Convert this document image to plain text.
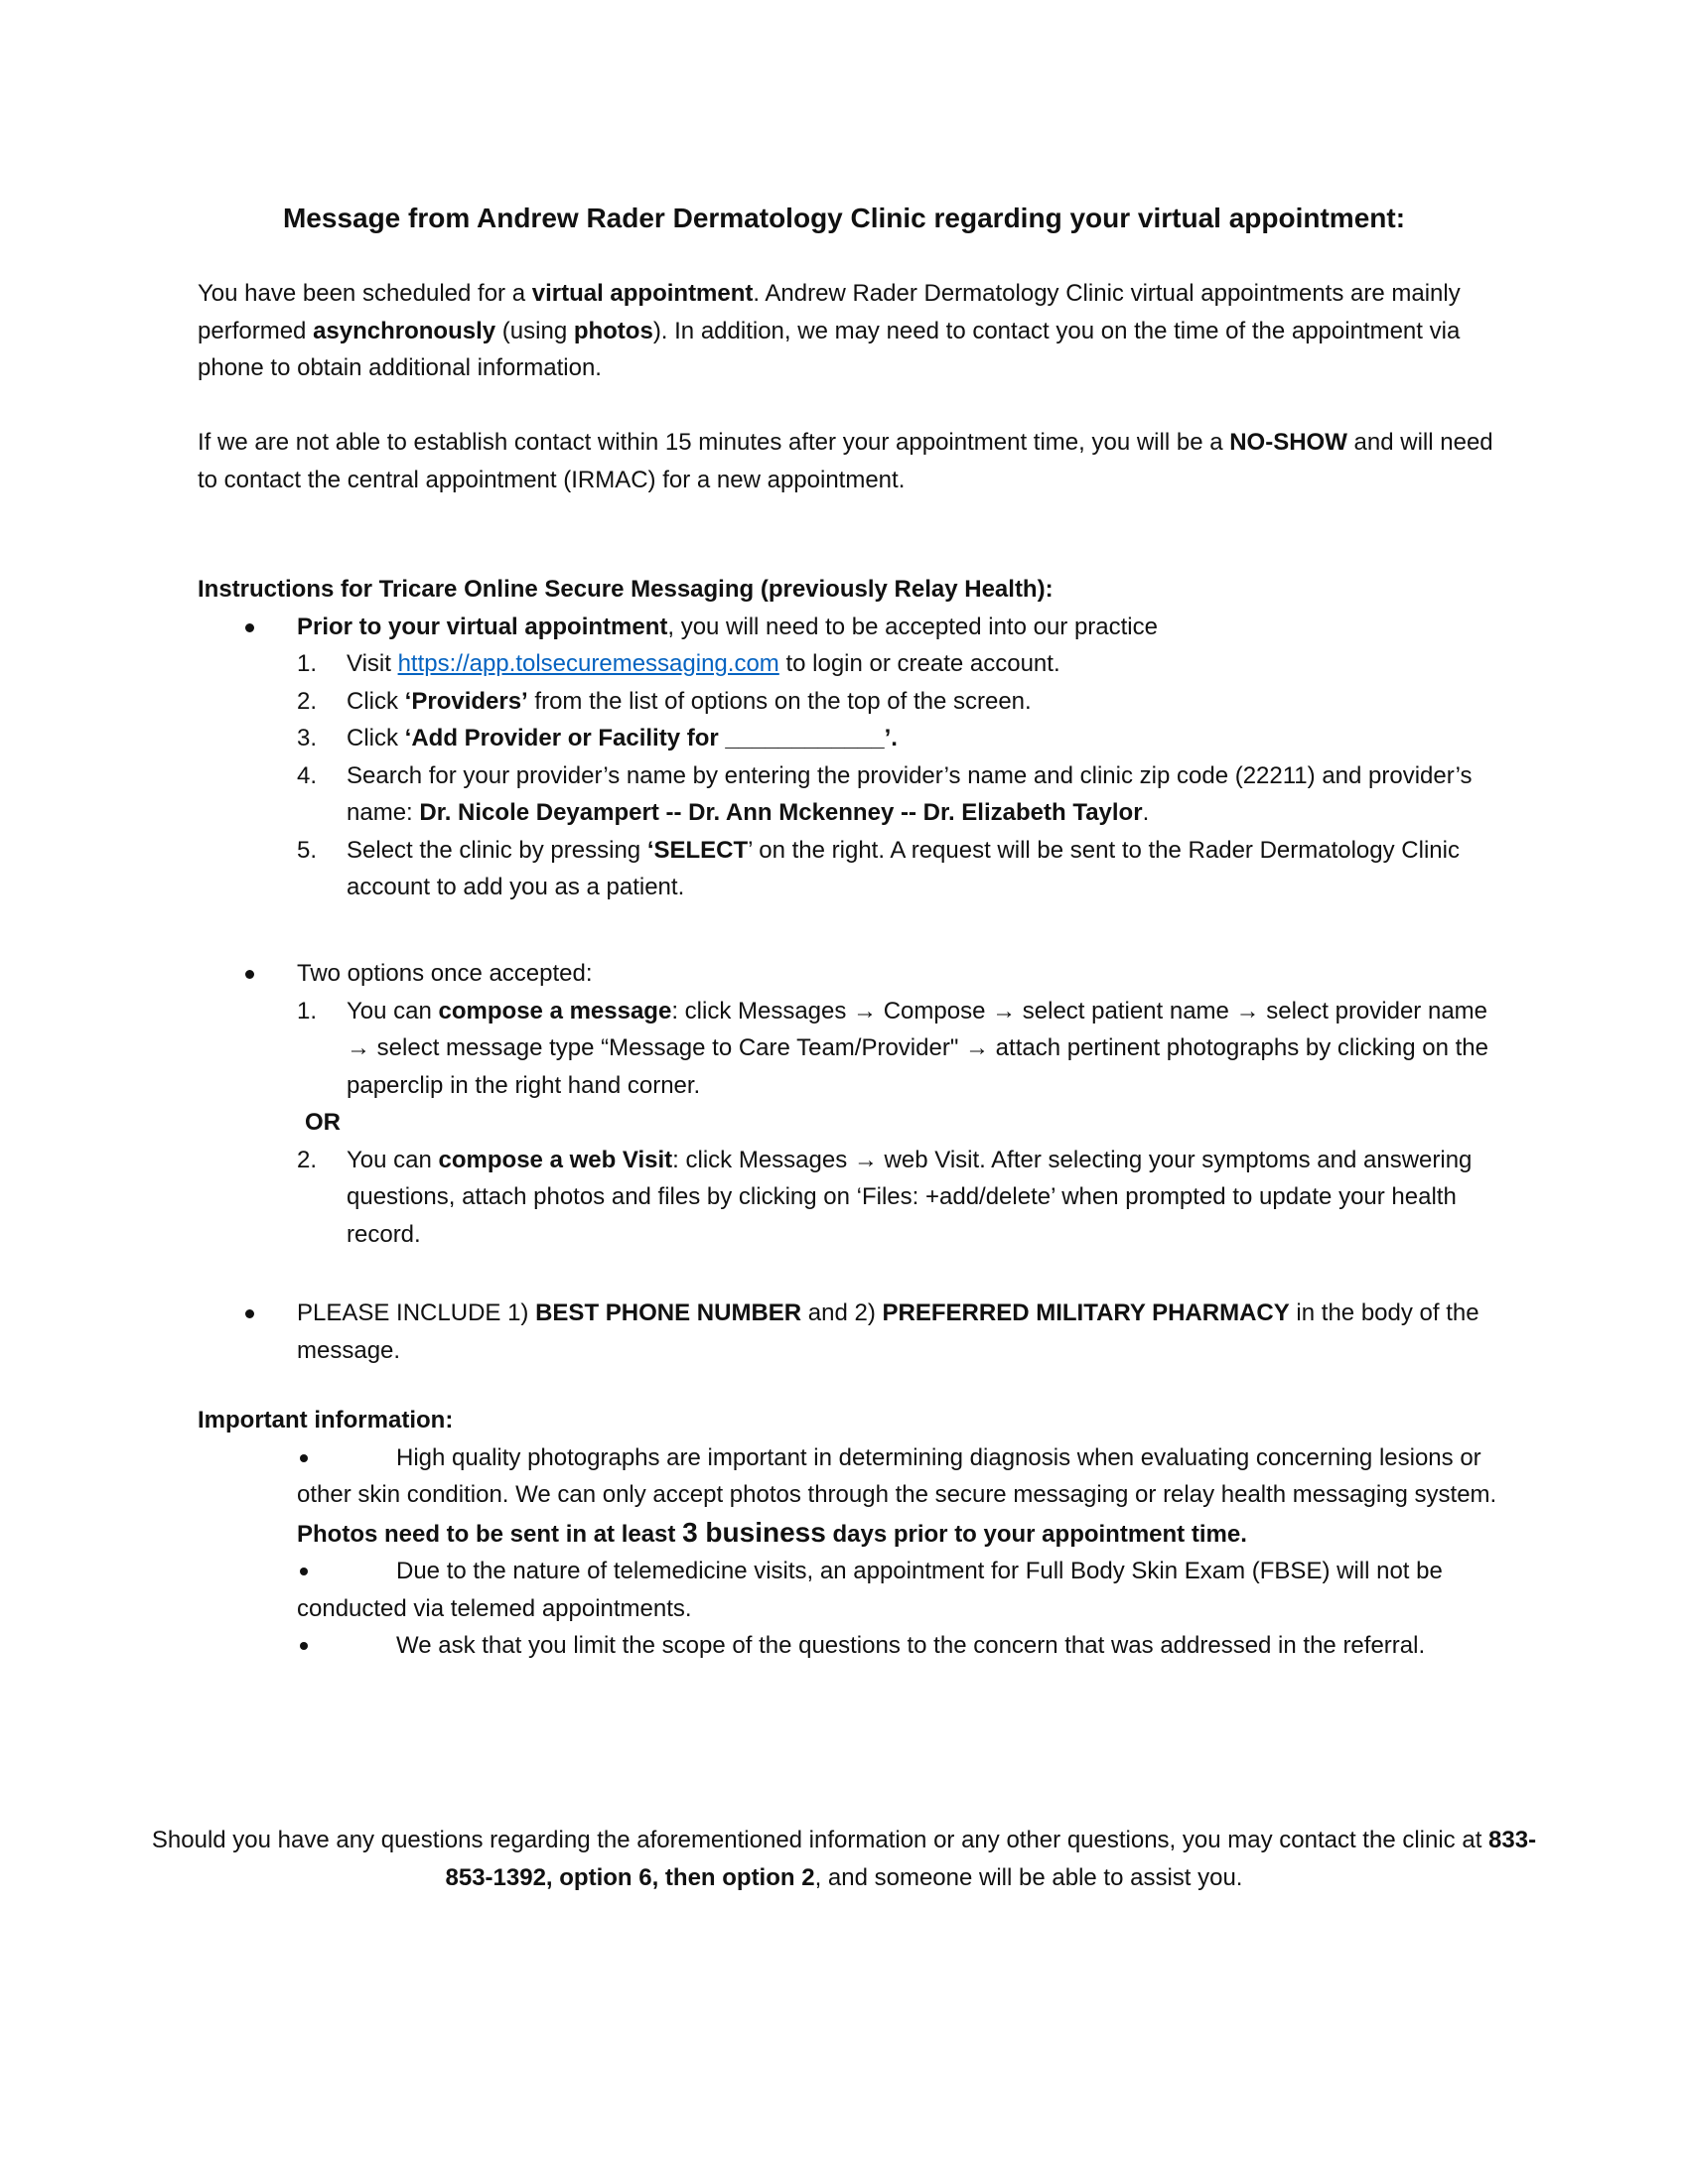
Message from Andrew Rader Dermatology Clinic regarding your virtual appointment:

You have been scheduled for a virtual appointment. Andrew Rader Dermatology Clinic virtual appointments are mainly performed asynchronously (using photos). In addition, we may need to contact you on the time of the appointment via phone to obtain additional information.

If we are not able to establish contact within 15 minutes after your appointment time, you will be a NO-SHOW and will need to contact the central appointment (IRMAC) for a new appointment.

Instructions for Tricare Online Secure Messaging (previously Relay Health):

Prior to your virtual appointment, you will need to be accepted into our practice
1. Visit https://app.tolsecuremessaging.com to login or create account.
2. Click ‘Providers’ from the list of options on the top of the screen.
3. Click ‘Add Provider or Facility for ____________’.
4. Search for your provider’s name by entering the provider’s name and clinic zip code (22211) and provider’s name: Dr. Nicole Deyampert -- Dr. Ann Mckenney -- Dr. Elizabeth Taylor.
5. Select the clinic by pressing ‘SELECT’ on the right. A request will be sent to the Rader Dermatology Clinic account to add you as a patient.
Two options once accepted:
1. You can compose a message: click Messages → Compose → select patient name → select provider name → select message type “Message to Care Team/Provider" → attach pertinent photographs by clicking on the paperclip in the right hand corner.
OR
2. You can compose a web Visit: click Messages → web Visit. After selecting your symptoms and answering questions, attach photos and files by clicking on ‘Files: +add/delete’ when prompted to update your health record.
PLEASE INCLUDE 1) BEST PHONE NUMBER and 2) PREFERRED MILITARY PHARMACY in the body of the message.

Important information:

High quality photographs are important in determining diagnosis when evaluating concerning lesions or other skin condition. We can only accept photos through the secure messaging or relay health messaging system. Photos need to be sent in at least 3 business days prior to your appointment time.
Due to the nature of telemedicine visits, an appointment for Full Body Skin Exam (FBSE) will not be conducted via telemed appointments.
We ask that you limit the scope of the questions to the concern that was addressed in the referral.
Should you have any questions regarding the aforementioned information or any other questions, you may contact the clinic at 833-853-1392, option 6, then option 2, and someone will be able to assist you.
